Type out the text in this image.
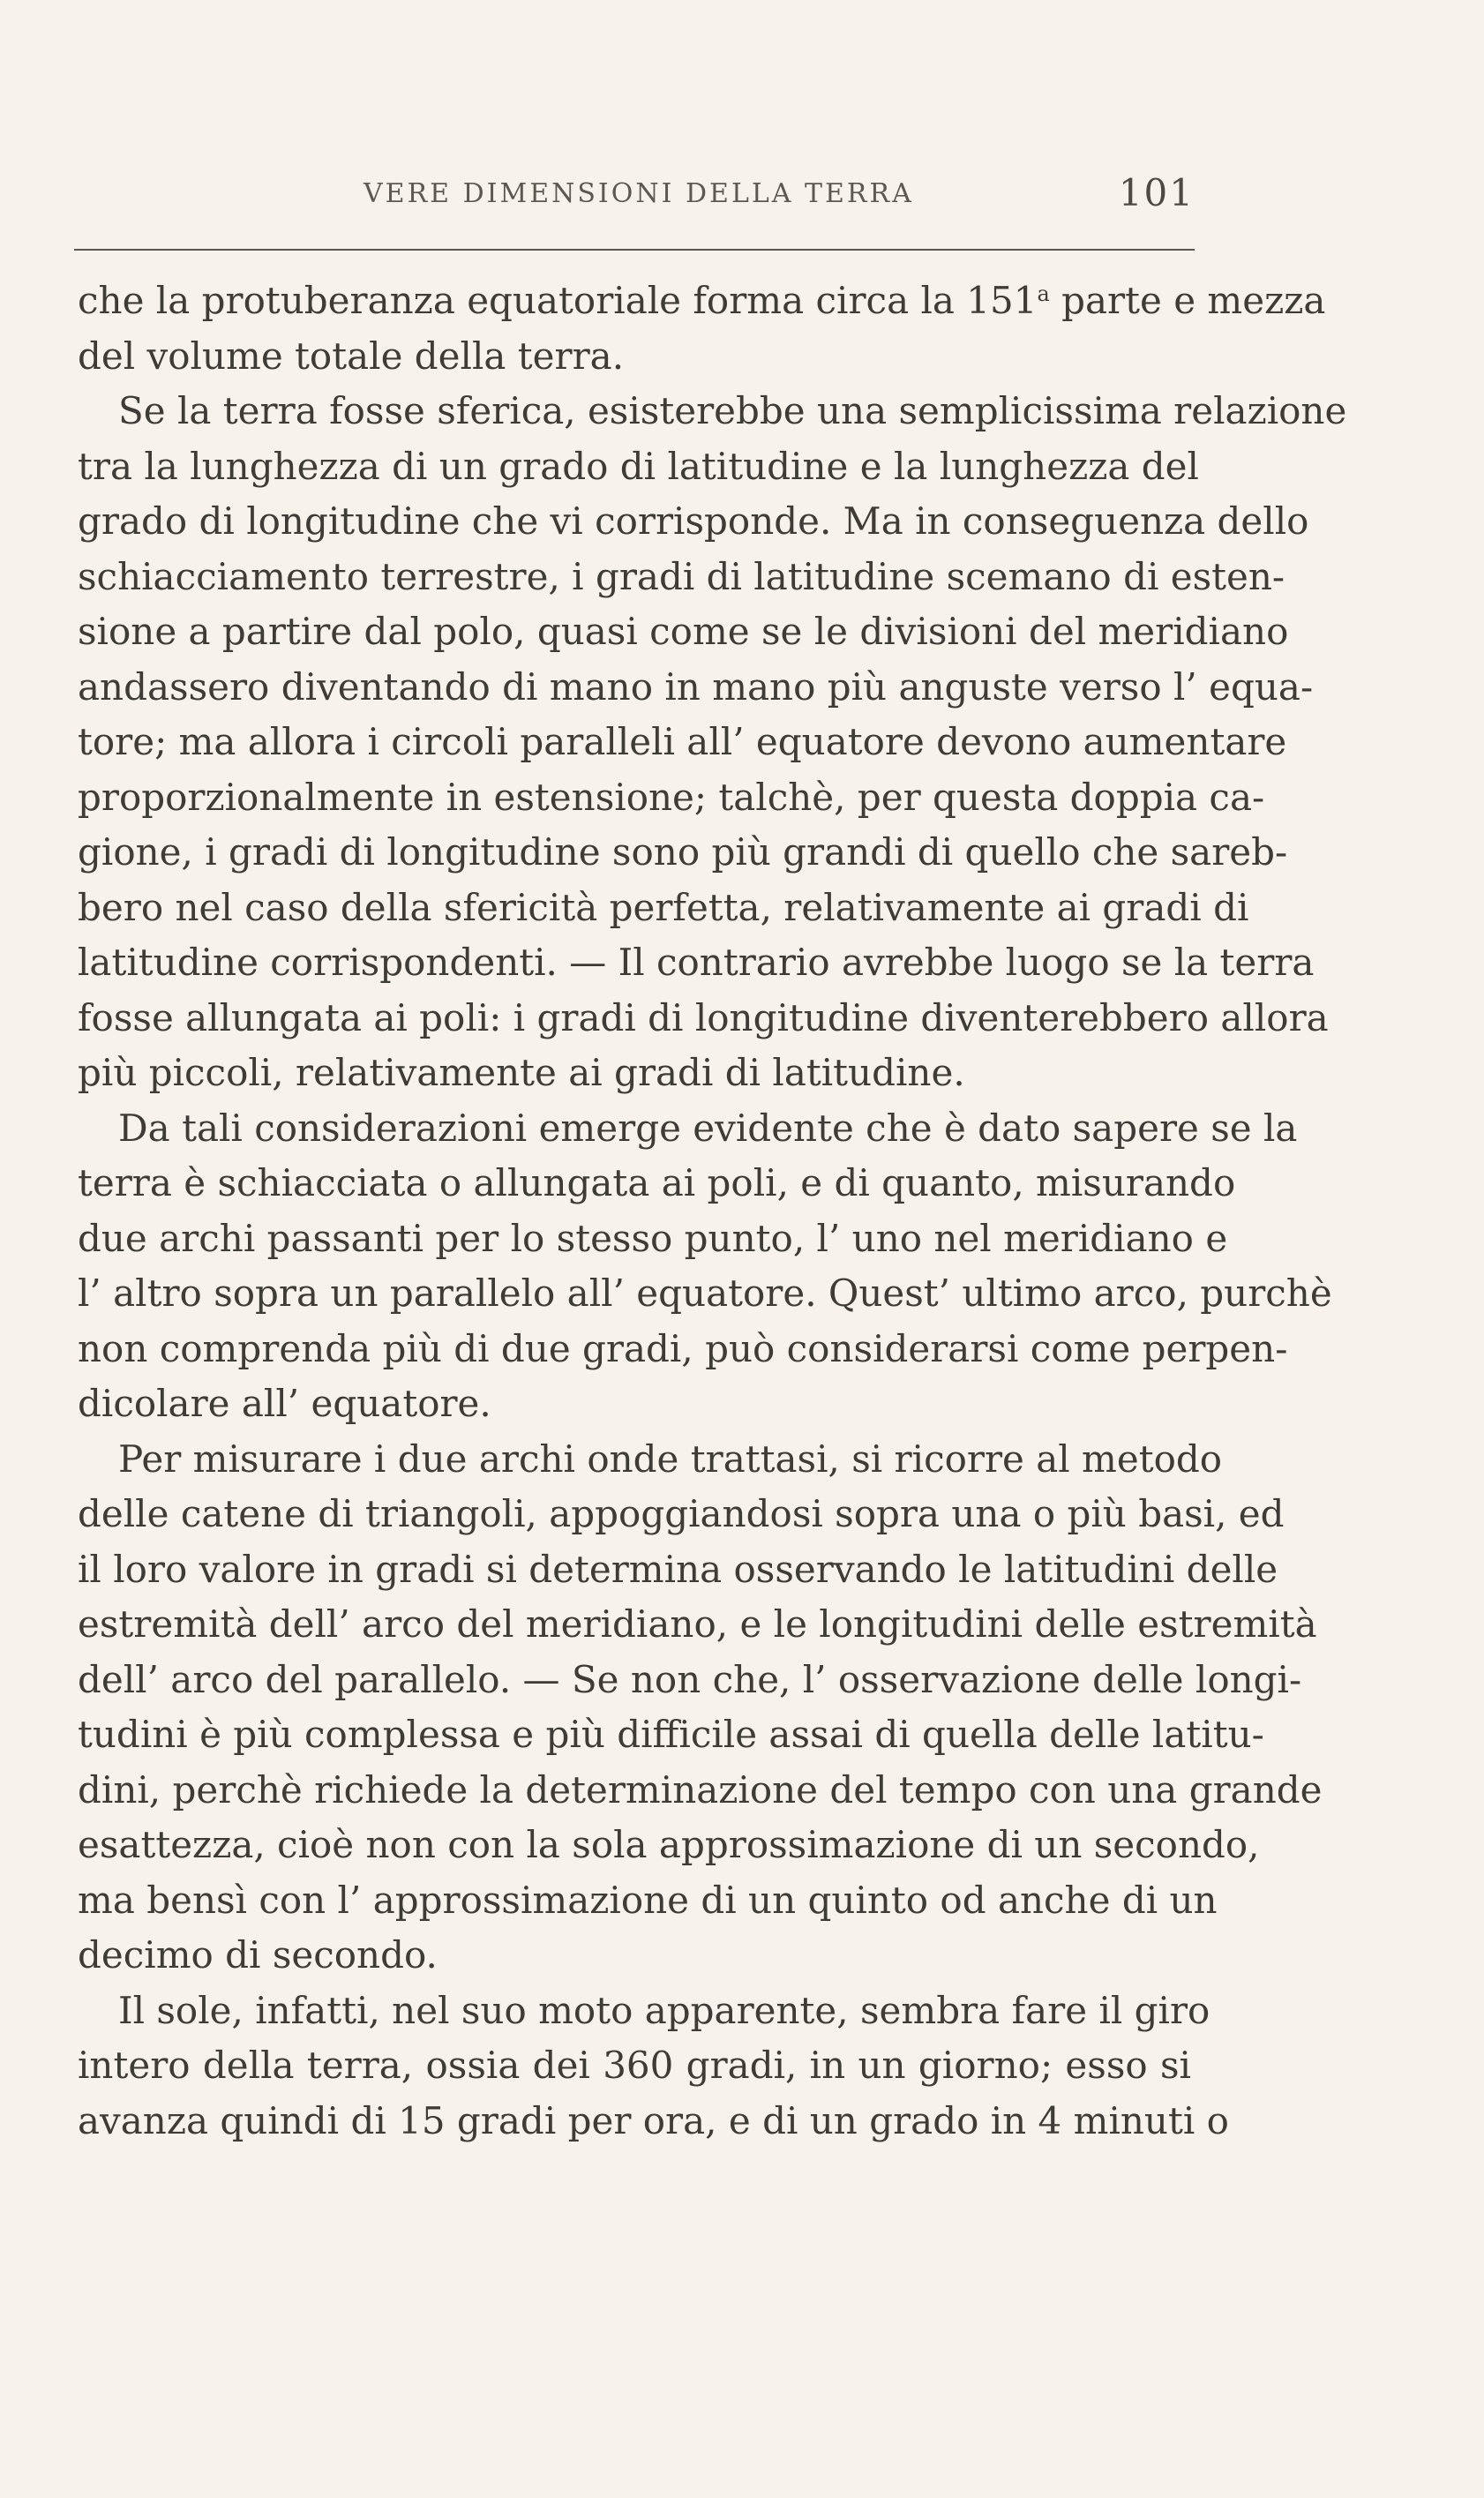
VERE DIMENSIONI DELLA TERRA	101
che la protuberanza equatoriale forma circa la 151$^a$ parte e mezza
del volume totale della terra.
Se la terra fosse sferica, esisterebbe una semplicissima relazione
tra la lunghezza di un grado di latitudine e la lunghezza del
grado di longitudine che vi corrisponde. Ma in conseguenza dello
schiacciamento terrestre, i gradi di latitudine scemano di esten-
sione a partire dal polo, quasi come se le divisioni del meridiano
andassero diventando di mano in mano più anguste verso l’ equa-
tore; ma allora i circoli paralleli all’ equatore devono aumentare
proporzionalmente in estensione; talchè, per questa doppia ca-
gione, i gradi di longitudine sono più grandi di quello che sareb-
bero nel caso della sfericità perfetta, relativamente ai gradi di
latitudine corrispondenti. — Il contrario avrebbe luogo se la terra
fosse allungata ai poli: i gradi di longitudine diventerebbero allora
più piccoli, relativamente ai gradi di latitudine.
Da tali considerazioni emerge evidente che è dato sapere se la
terra è schiacciata o allungata ai poli, e di quanto, misurando
due archi passanti per lo stesso punto, l’ uno nel meridiano e
l’ altro sopra un parallelo all’ equatore. Quest’ ultimo arco, purchè
non comprenda più di due gradi, può considerarsi come perpen-
dicolare all’ equatore.
Per misurare i due archi onde trattasi, si ricorre al metodo
delle catene di triangoli, appoggiandosi sopra una o più basi, ed
il loro valore in gradi si determina osservando le latitudini delle
estremità dell’ arco del meridiano, e le longitudini delle estremità
dell’ arco del parallelo. — Se non che, l’ osservazione delle longi-
tudini è più complessa e più difficile assai di quella delle latitu-
dini, perchè richiede la determinazione del tempo con una grande
esattezza, cioè non con la sola approssimazione di un secondo,
ma bensì con l’ approssimazione di un quinto od anche di un
decimo di secondo.
Il sole, infatti, nel suo moto apparente, sembra fare il giro
intero della terra, ossia dei 360 gradi, in un giorno; esso si
avanza quindi di 15 gradi per ora, e di un grado in 4 minuti o
